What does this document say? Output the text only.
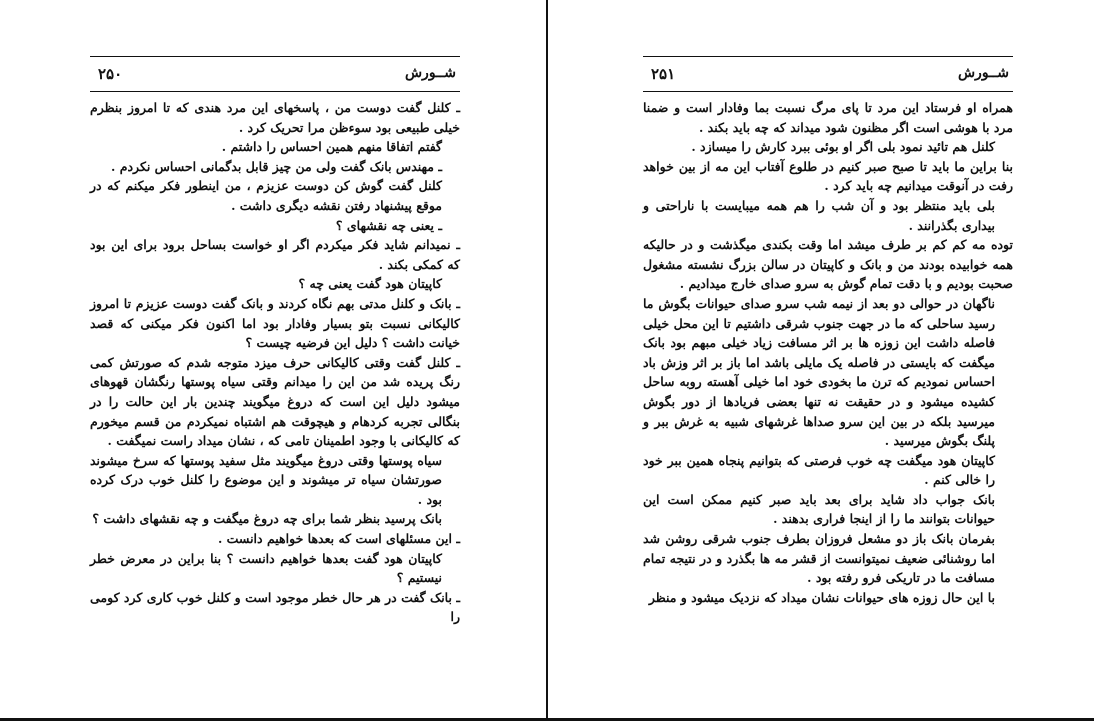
۲۵۰	شــورش

ـ کلنل گفت دوست من ، پاسخهای این مرد هندی که تا امروز بنظرم خیلی طبیعی بود سوءظن مرا تحریک کرد .

گفتم اتفاقا منهم همین احساس را داشتم .

ـ مهندس بانک گفت ولی من چیز قابل بدگمانی احساس نکردم .

کلنل گفت گوش کن دوست عزیزم ، من اینطور فکر میکنم که در موقع پیشنهاد رفتن نقشه دیگری داشت .

ـ یعنی چه نقشهای ؟

ـ نمیدانم شاید فکر میکردم اگر او خواست بساحل برود برای این بود که کمکی بکند .

کاپیتان هود گفت یعنی چه ؟

ـ بانک و کلنل مدتی بهم نگاه کردند و بانک گفت دوست عزیزم تا امروز کالیکانی نسبت بتو بسیار وفادار بود اما اکنون فکر میکنی که قصد خیانت داشت ؟ دلیل این فرضیه چیست ؟

ـ کلنل گفت وقتی کالیکانی حرف میزد متوجه شدم که صورتش کمی رنگ پریده شد من این را میدانم وقتی سیاه پوستها رنگشان قهوهای میشود دلیل این است که دروغ میگویند چندین بار این حالت را در بنگالی تجربه کردهام و هیچوقت هم اشتباه نمیکردم من قسم میخورم که کالیکانی با وجود اطمینان تامی که ، نشان میداد راست نمیگفت .

سیاه پوستها وقتی دروغ میگویند مثل سفید پوستها که سرخ میشوند صورتشان سیاه تر میشوند و این موضوع را کلنل خوب درک کرده بود .

بانک پرسید بنظر شما برای چه دروغ میگفت و چه نقشهای داشت ؟

ـ این مسئلهای است که بعدها خواهیم دانست .

کاپیتان هود گفت بعدها خواهیم دانست ؟ بنا براین در معرض خطر نیستیم ؟

ـ بانک گفت در هر حال خطر موجود است و کلنل خوب کاری کرد کومی را

۲۵۱	شــورش

همراه او فرستاد این مرد تا پای مرگ نسبت بما وفادار است و ضمنا مرد با هوشی است اگر مظنون شود میداند که چه باید بکند .

کلنل هم تائید نمود بلی اگر او بوئی ببرد کارش را میسازد .

بنا براین ما باید تا صبح صبر کنیم در طلوع آفتاب این مه از بین خواهد رفت در آنوقت میدانیم چه باید کرد .

بلی باید منتظر بود و آن شب را هم همه میبایست با ناراحتی و بیداری بگذرانند .

توده مه کم کم بر طرف میشد اما وقت بکندی میگذشت و در حالیکه همه خوابیده بودند من و بانک و کاپیتان در سالن بزرگ نشسته مشغول صحبت بودیم و با دقت تمام گوش به سرو صدای خارج میدادیم .

ناگهان در حوالی دو بعد از نیمه شب سرو صدای حیوانات بگوش ما رسید ساحلی که ما در جهت جنوب شرقی داشتیم تا این محل خیلی فاصله داشت این زوزه ها بر اثر مسافت زیاد خیلی مبهم بود بانک میگفت که بایستی در فاصله یک مایلی باشد اما باز بر اثر وزش باد احساس نمودیم که ترن ما بخودی خود اما خیلی آهسته روبه ساحل کشیده میشود و در حقیقت نه تنها بعضی فریادها از دور بگوش میرسید بلکه در بین این سرو صداها غرشهای شبیه به غرش ببر و پلنگ بگوش میرسید .

کاپیتان هود میگفت چه خوب فرصتی که بتوانیم پنجاه همین ببر خود را خالی کنم .

بانک جواب داد شاید برای بعد باید صبر کنیم ممکن است این حیوانات بتوانند ما را از اینجا فراری بدهند .

بفرمان بانک باز دو مشعل فروزان بطرف جنوب شرقی روشن شد اما روشنائی ضعیف نمیتوانست از قشر مه ها بگذرد و در نتیجه تمام مسافت ما در تاریکی فرو رفته بود .

با این حال زوزه های حیوانات نشان میداد که نزدیک میشود و منظر
